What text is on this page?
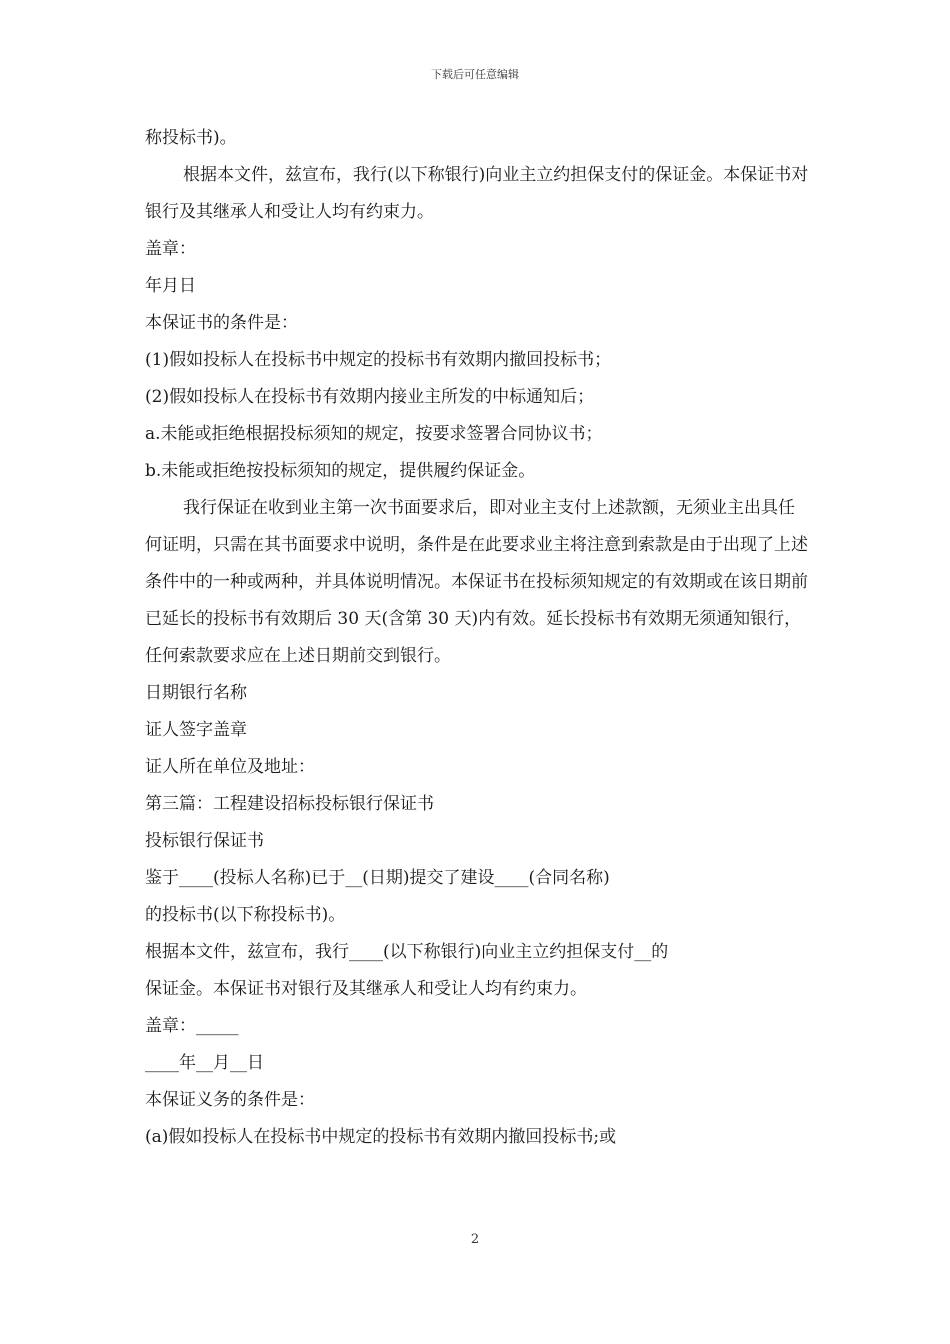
下载后可任意编辑

称投标书)。

根据本文件，兹宣布，我行(以下称银行)向业主立约担保支付的保证金。本保证书对银行及其继承人和受让人均有约束力。

盖章：

年月日

本保证书的条件是：

(1)假如投标人在投标书中规定的投标书有效期内撤回投标书；

(2)假如投标人在投标书有效期内接业主所发的中标通知后；

a.未能或拒绝根据投标须知的规定，按要求签署合同协议书；

b.未能或拒绝按投标须知的规定，提供履约保证金。

我行保证在收到业主第一次书面要求后，即对业主支付上述款额，无须业主出具任何证明，只需在其书面要求中说明，条件是在此要求业主将注意到索款是由于出现了上述条件中的一种或两种，并具体说明情况。本保证书在投标须知规定的有效期或在该日期前已延长的投标书有效期后 30 天(含第 30 天)内有效。延长投标书有效期无须通知银行，任何索款要求应在上述日期前交到银行。

日期银行名称

证人签字盖章

证人所在单位及地址：

第三篇：工程建设招标投标银行保证书

投标银行保证书

鉴于____(投标人名称)已于__(日期)提交了建设____(合同名称)

的投标书(以下称投标书)。

根据本文件，兹宣布，我行____(以下称银行)向业主立约担保支付__的

保证金。本保证书对银行及其继承人和受让人均有约束力。

盖章：_____

____年__月__日

本保证义务的条件是：

(a)假如投标人在投标书中规定的投标书有效期内撤回投标书;或

2
